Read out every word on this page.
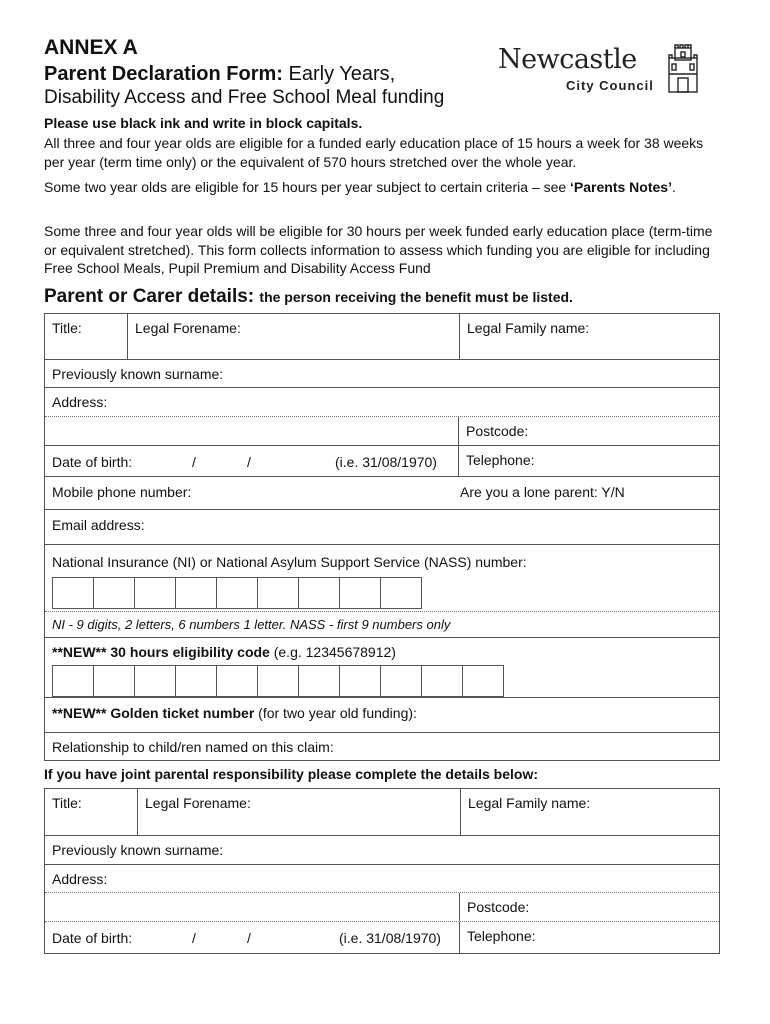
ANNEX A
Parent Declaration Form: Early Years,
Disability Access and Free School Meal funding
Newcastle
City Council
Please use black ink and write in block capitals.
All three and four year olds are eligible for a funded early education place of 15 hours a week for 38 weeks per year (term time only) or the equivalent of 570 hours stretched over the whole year.
Some two year olds are eligible for 15 hours per year subject to certain criteria – see ‘Parents Notes’.
Some three and four year olds will be eligible for 30 hours per week funded early education place (term-time or equivalent stretched). This form collects information to assess which funding you are eligible for including Free School Meals, Pupil Premium and Disability Access Fund
Parent or Carer details: the person receiving the benefit must be listed.
Title:	Legal Forename:	Legal Family name:
Previously known surname:
Address:
Postcode:
Date of birth:	/	/	(i.e. 31/08/1970)	Telephone:
Mobile phone number:	Are you a lone parent: Y/N
Email address:
National Insurance (NI) or National Asylum Support Service (NASS) number:
NI - 9 digits, 2 letters, 6 numbers 1 letter. NASS - first 9 numbers only
**NEW** 30 hours eligibility code (e.g. 12345678912)
**NEW** Golden ticket number (for two year old funding):
Relationship to child/ren named on this claim:
If you have joint parental responsibility please complete the details below:
Title:	Legal Forename:	Legal Family name:
Previously known surname:
Address:
Postcode:
Date of birth:	/	/	(i.e. 31/08/1970)	Telephone:
